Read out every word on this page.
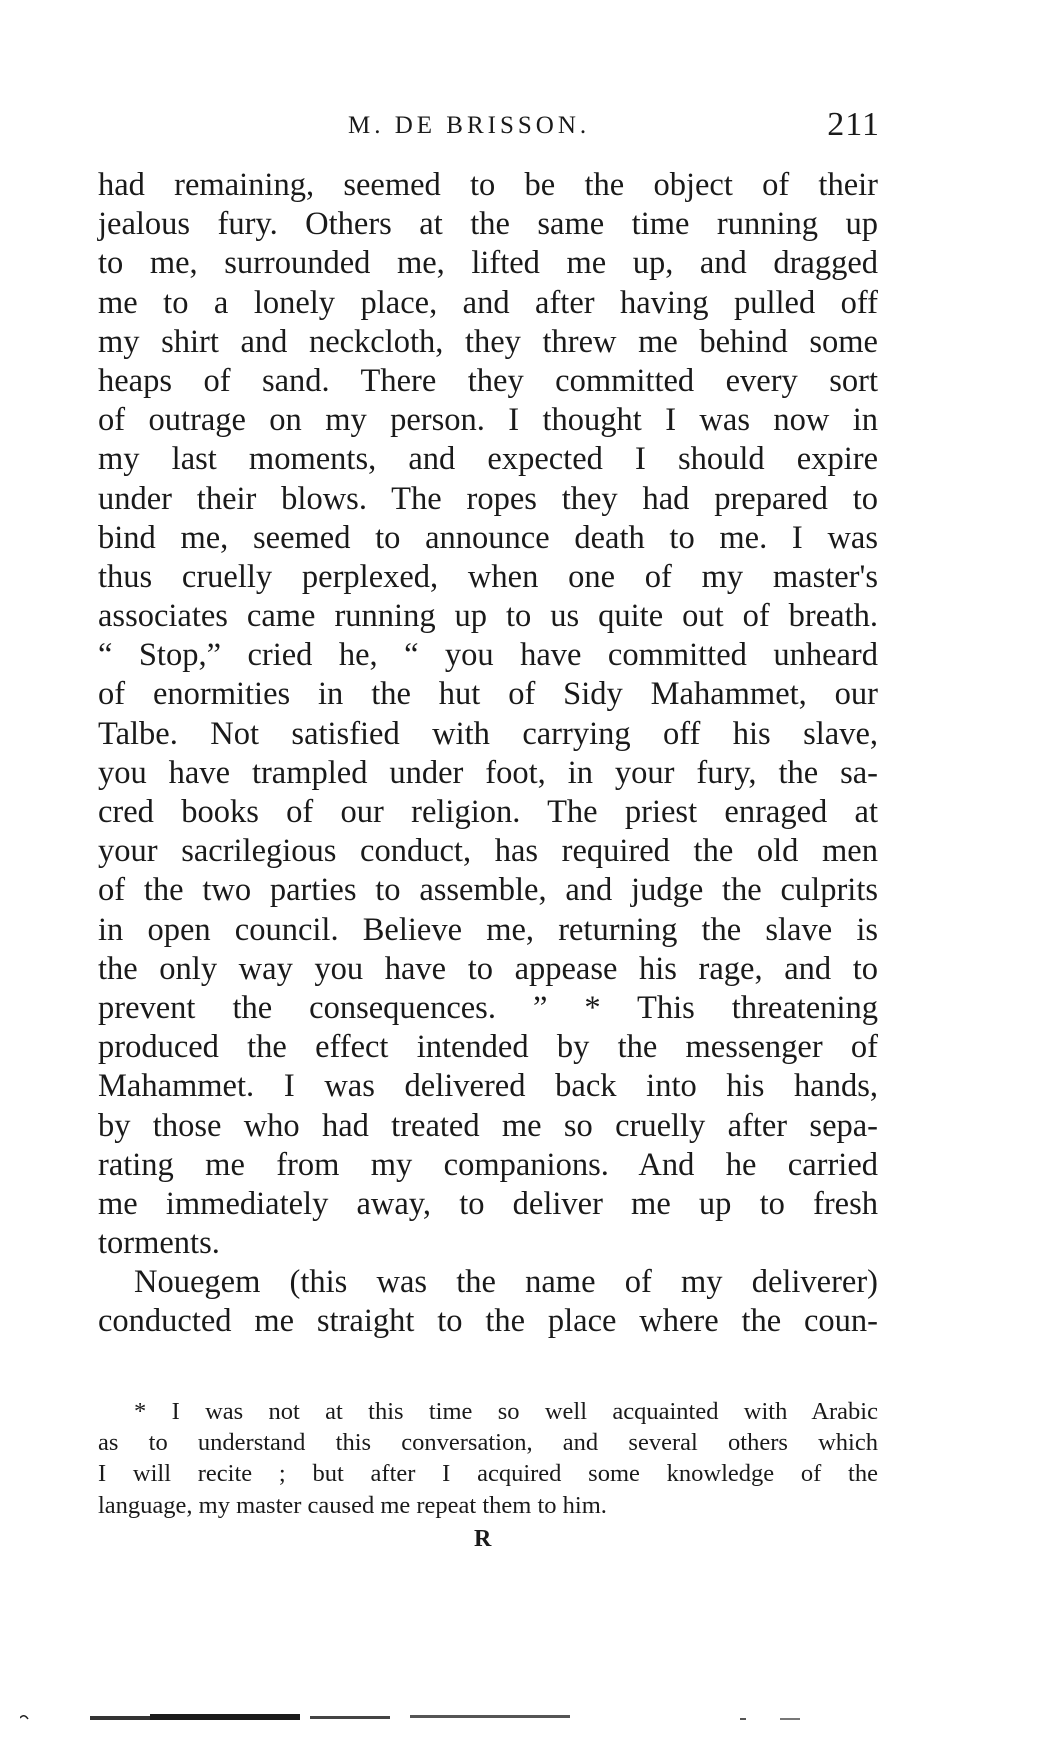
M. DE BRISSON.	211
had remaining, seemed to be the object of their
jealous fury. Others at the same time running up
to me, surrounded me, lifted me up, and dragged
me to a lonely place, and after having pulled off
my shirt and neckcloth, they threw me behind some
heaps of sand. There they committed every sort
of outrage on my person. I thought I was now in
my last moments, and expected I should expire
under their blows. The ropes they had prepared to
bind me, seemed to announce death to me. I was
thus cruelly perplexed, when one of my master's
associates came running up to us quite out of breath.
“ Stop,” cried he, “ you have committed unheard
of enormities in the hut of Sidy Mahammet, our
Talbe. Not satisfied with carrying off his slave,
you have trampled under foot, in your fury, the sa-
cred books of our religion. The priest enraged at
your sacrilegious conduct, has required the old men
of the two parties to assemble, and judge the culprits
in open council. Believe me, returning the slave is
the only way you have to appease his rage, and to
prevent the consequences. ” * This threatening
produced the effect intended by the messenger of
Mahammet. I was delivered back into his hands,
by those who had treated me so cruelly after sepa-
rating me from my companions. And he carried
me immediately away, to deliver me up to fresh
torments.
Nouegem (this was the name of my deliverer)
conducted me straight to the place where the coun-
* I was not at this time so well acquainted with Arabic
as to understand this conversation, and several others which
I will recite ; but after I acquired some knowledge of the
language, my master caused me repeat them to him.
R
